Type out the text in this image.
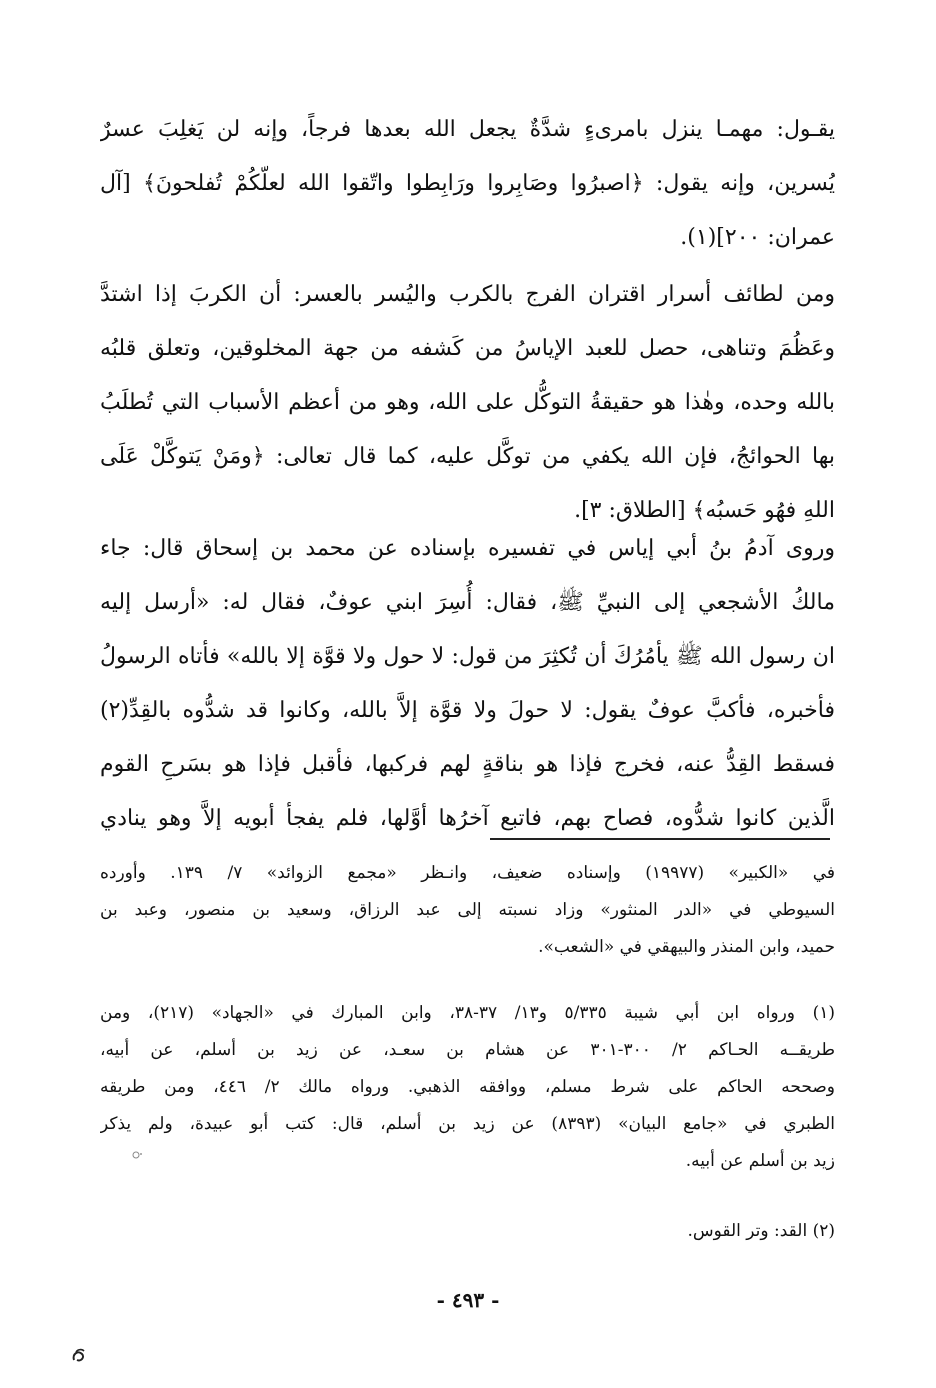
يقـول: مهمـا ينزل بامرىءٍ شدَّةٌ يجعل الله بعدها فرجاً، وإنه لن يَغلِبَ عسرٌ
يُسرين، وإنه يقول: ﴿اصبرُوا وصَابِروا ورَابِطوا واتّقوا الله لعلّكُمْ تُفلحونَ﴾ [آل
عمران: ٢٠٠](١).
ومن لطائف أسرار اقتران الفرج بالكرب واليُسر بالعسر: أن الكربَ إذا اشتدَّ
وعَظُمَ وتناهى، حصل للعبد الإياسُ من كَشفه من جهة المخلوقين، وتعلق قلبُه
بالله وحده، وهٰذا هو حقيقةُ التوكُّل على الله، وهو من أعظم الأسباب التي تُطلَبُ
بها الحوائجُ، فإن الله يكفي من توكَّل عليه، كما قال تعالى: ﴿ومَنْ يَتوكَّلْ عَلَى
اللهِ فهُو حَسبُه﴾ [الطلاق: ٣].
وروى آدمُ بنُ أبي إياس في تفسيره بإسناده عن محمد بن إسحاق قال: جاء
مالكُ الأشجعي إلى النبيِّ ﷺ، فقال: أُسِرَ ابني عوفٌ، فقال له: «أرسل إليه
ان رسول الله ﷺ يأمُرُكَ أن تُكثِرَ من قول: لا حول ولا قوَّة إلا بالله» فأتاه الرسولُ
فأخبره، فأكبَّ عوفٌ يقول: لا حولَ ولا قوَّة إلاَّ بالله، وكانوا قد شدُّوه بالقِدِّ(٢)
فسقط القِدُّ عنه، فخرج فإذا هو بناقةٍ لهم فركبها، فأقبل فإذا هو بسَرحِ القوم
الَّذين كانوا شدُّوه، فصاح بهم، فاتبع آخرُها أوَّلها، فلم يفجأ أبويه إلاَّ وهو ينادي
في «الكبير» (١٩٩٧٧) وإسناده ضعيف، وانـظر «مجمع الزوائد» ٧/ ١٣٩. وأورده
السيوطي في «الدر المنثور» وزاد نسبته إلى عبد الرزاق، وسعيد بن منصور، وعبد بن
حميد، وابن المنذر والبيهقي في «الشعب».
(١) ورواه ابن أبي شيبة ٥/٣٣٥ و١٣/ ٣٧-٣٨، وابن المبارك في «الجهاد» (٢١٧)، ومن
طريقــه الحـاكم ٢/ ٣٠٠-٣٠١ عن هشام بن سعـد، عن زيد بن أسلم، عن أبيه،
وصححه الحاكم على شرط مسلم، ووافقه الذهبي. ورواه مالك ٢/ ٤٤٦، ومن طريقه
الطبري في «جامع البيان» (٨٣٩٣) عن زيد بن أسلم، قال: كتب أبو عبيدة، ولم يذكر
زيد بن أسلم عن أبيه.
(٢) القد: وتر القوس.
- ٤٩٣ -
